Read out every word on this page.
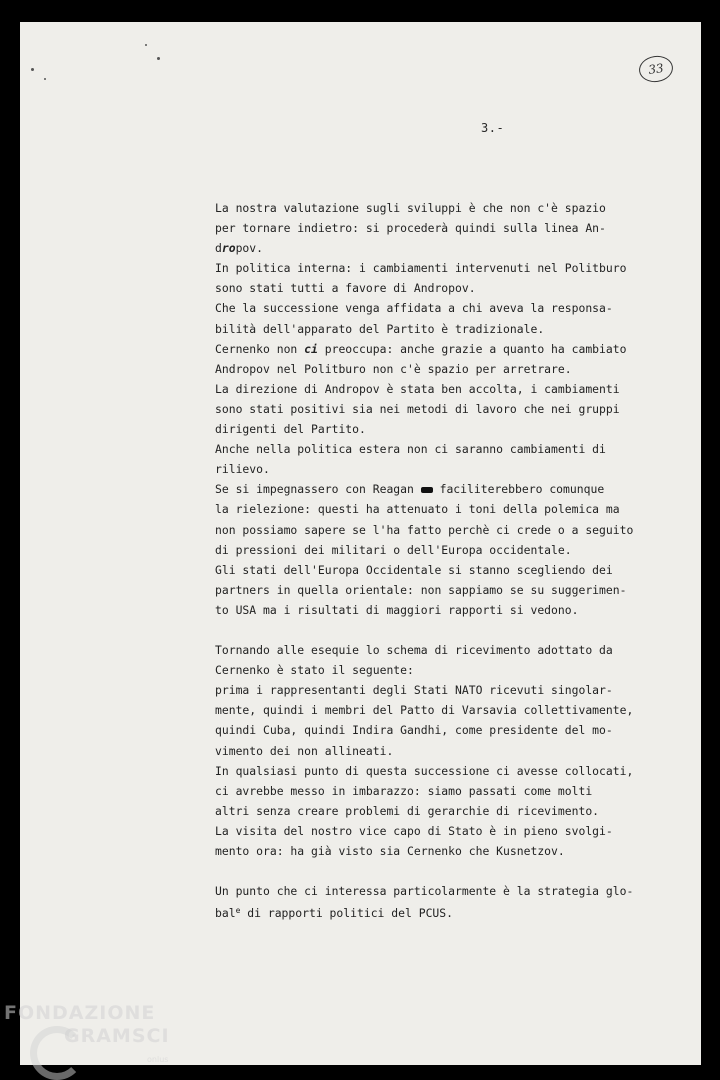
33
3.-
La nostra valutazione sugli sviluppi è che non c'è spazio
per tornare indietro: si procederà quindi sulla linea An-
dropov.
In politica interna: i cambiamenti intervenuti nel Politburo
sono stati tutti a favore di Andropov.
Che la successione venga affidata a chi aveva la responsa-
bilità dell'apparato del Partito è tradizionale.
Cernenko non ci preoccupa: anche grazie a quanto ha cambiato
Andropov nel Politburo non c'è spazio per arretrare.
La direzione di Andropov è stata ben accolta, i cambiamenti
sono stati positivi sia nei metodi di lavoro che nei gruppi
dirigenti del Partito.
Anche nella politica estera non ci saranno cambiamenti di
rilievo.
Se si impegnassero con Reagan  faciliterebbero comunque
la rielezione: questi ha attenuato i toni della polemica ma
non possiamo sapere se l'ha fatto perchè ci crede o a seguito
di pressioni dei militari o dell'Europa occidentale.
Gli stati dell'Europa Occidentale si stanno scegliendo dei
partners in quella orientale: non sappiamo se su suggerimen-
to USA ma i risultati di maggiori rapporti si vedono.
Tornando alle esequie lo schema di ricevimento adottato da
Cernenko è stato il seguente:
prima i rappresentanti degli Stati NATO ricevuti singolar-
mente, quindi i membri del Patto di Varsavia collettivamente,
quindi Cuba, quindi Indira Gandhi, come presidente del mo-
vimento dei non allineati.
In qualsiasi punto di questa successione ci avesse collocati,
ci avrebbe messo in imbarazzo: siamo passati come molti
altri senza creare problemi di gerarchie di ricevimento.
La visita del nostro vice capo di Stato è in pieno svolgi-
mento ora: ha già visto sia Cernenko che Kusnetzov.
Un punto che ci interessa particolarmente è la strategia glo-
bal$^e$ di rapporti politici del PCUS.
FONDAZIONE
GRAMSCI
onlus
